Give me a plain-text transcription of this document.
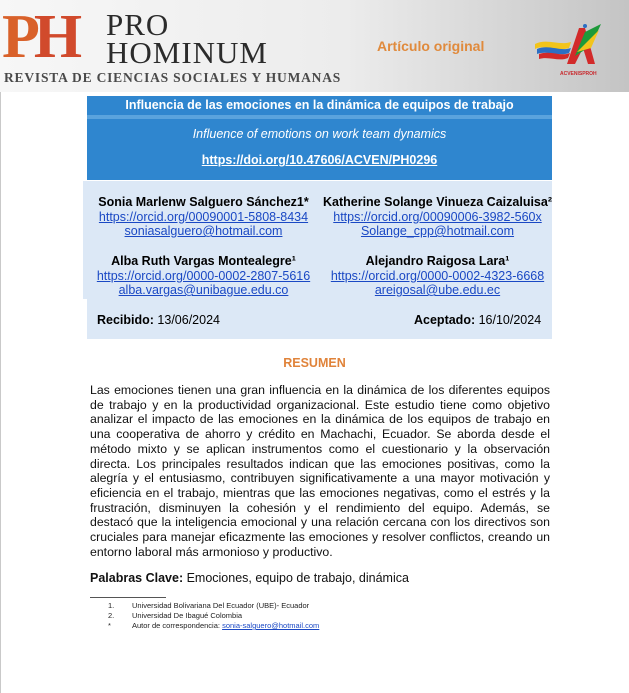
PH PRO
HOMINUM
REVISTA DE CIENCIAS SOCIALES Y HUMANAS
Artículo original
ACVENISPROH
Influencia de las emociones en la dinámica de equipos de trabajo
Influence of emotions on work team dynamics
https://doi.org/10.47606/ACVEN/PH0296
Sonia Marlenw Salguero Sánchez1*
https://orcid.org/00090001-5808-8434
soniasalguero@hotmail.com
Katherine Solange Vinueza Caizaluisa²
https://orcid.org/00090006-3982-560x
Solange_cpp@hotmail.com
Alba Ruth Vargas Montealegre¹
https://orcid.org/0000-0002-2807-5616
alba.vargas@unibague.edu.co
Alejandro Raigosa Lara¹
https://orcid.org/0000-0002-4323-6668
areigosal@ube.edu.ec
Recibido: 13/06/2024	Aceptado: 16/10/2024
RESUMEN
Las emociones tienen una gran influencia en la dinámica de los diferentes equipos de trabajo y en la productividad organizacional. Este estudio tiene como objetivo analizar el impacto de las emociones en la dinámica de los equipos de trabajo en una cooperativa de ahorro y crédito en Machachi, Ecuador. Se aborda desde el método mixto y se aplican instrumentos como el cuestionario y la observación directa. Los principales resultados indican que las emociones positivas, como la alegría y el entusiasmo, contribuyen significativamente a una mayor motivación y eficiencia en el trabajo, mientras que las emociones negativas, como el estrés y la frustración, disminuyen la cohesión y el rendimiento del equipo. Además, se destacó que la inteligencia emocional y una relación cercana con los directivos son cruciales para manejar eficazmente las emociones y resolver conflictos, creando un entorno laboral más armonioso y productivo.
Palabras Clave: Emociones, equipo de trabajo, dinámica
1. Universidad Bolivariana Del Ecuador (UBE)- Ecuador
2. Universidad De Ibagué Colombia
*	Autor de correspondencia: sonia-salguero@hotmail.com
